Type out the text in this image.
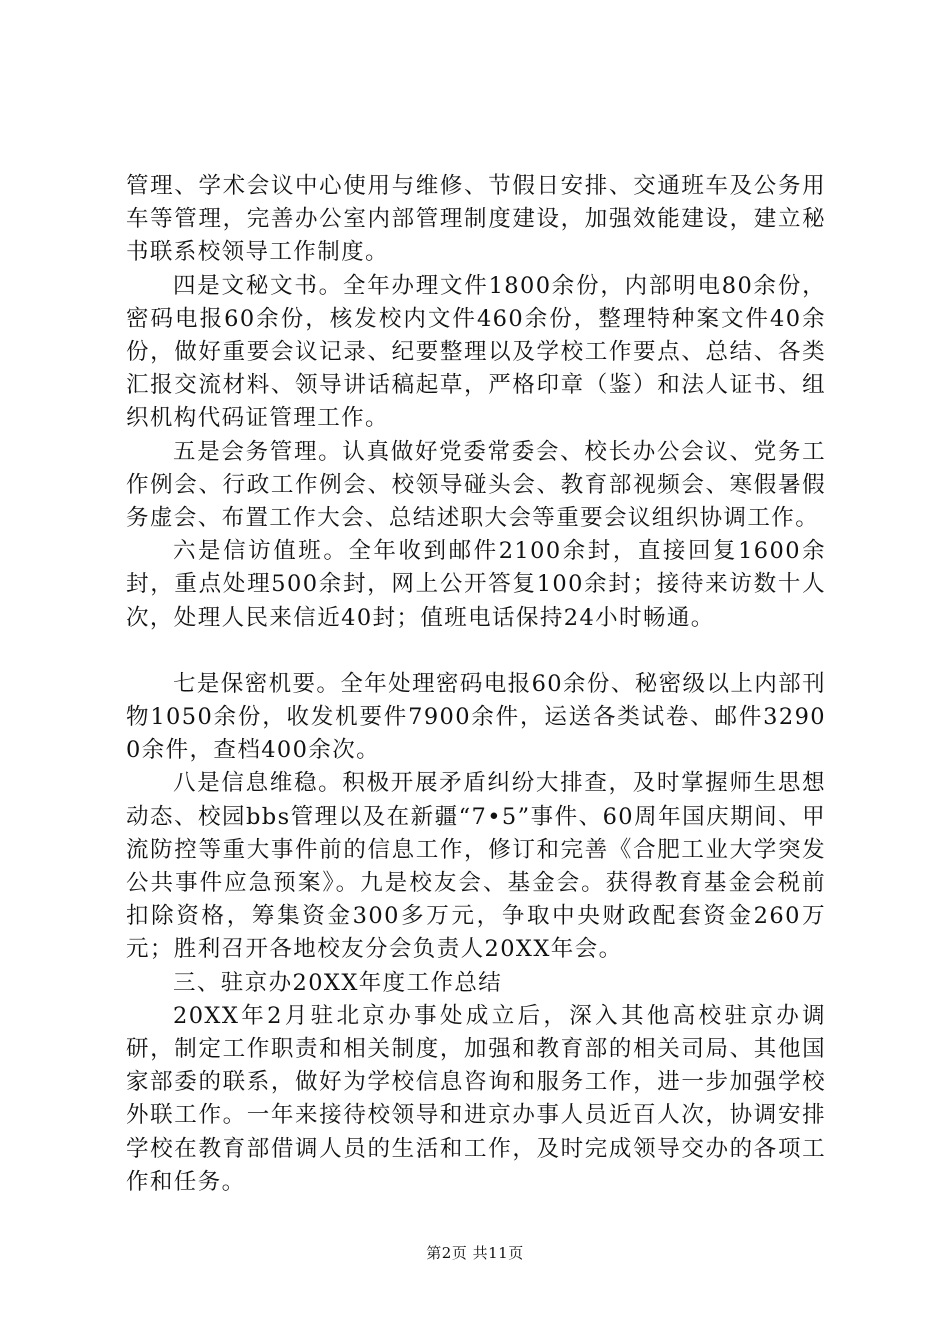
管理、学术会议中心使用与维修、节假日安排、交通班车及公务用车等管理，完善办公室内部管理制度建设，加强效能建设，建立秘书联系校领导工作制度。

四是文秘文书。全年办理文件1800余份，内部明电80余份，密码电报60余份，核发校内文件460余份，整理特种案文件40余份，做好重要会议记录、纪要整理以及学校工作要点、总结、各类汇报交流材料、领导讲话稿起草，严格印章（鉴）和法人证书、组织机构代码证管理工作。

五是会务管理。认真做好党委常委会、校长办公会议、党务工作例会、行政工作例会、校领导碰头会、教育部视频会、寒假暑假务虚会、布置工作大会、总结述职大会等重要会议组织协调工作。

六是信访值班。全年收到邮件2100余封，直接回复1600余封，重点处理500余封，网上公开答复100余封；接待来访数十人次，处理人民来信近40封；值班电话保持24小时畅通。

七是保密机要。全年处理密码电报60余份、秘密级以上内部刊物1050余份，收发机要件7900余件，运送各类试卷、邮件32900余件，查档400余次。

八是信息维稳。积极开展矛盾纠纷大排查，及时掌握师生思想动态、校园bbs管理以及在新疆“7•5”事件、60周年国庆期间、甲流防控等重大事件前的信息工作，修订和完善《合肥工业大学突发公共事件应急预案》。九是校友会、基金会。获得教育基金会税前扣除资格，筹集资金300多万元，争取中央财政配套资金260万元；胜利召开各地校友分会负责人20XX年会。

三、驻京办20XX年度工作总结

20XX年2月驻北京办事处成立后，深入其他高校驻京办调研，制定工作职责和相关制度，加强和教育部的相关司局、其他国家部委的联系，做好为学校信息咨询和服务工作，进一步加强学校外联工作。一年来接待校领导和进京办事人员近百人次，协调安排学校在教育部借调人员的生活和工作，及时完成领导交办的各项工作和任务。

第2页 共11页
